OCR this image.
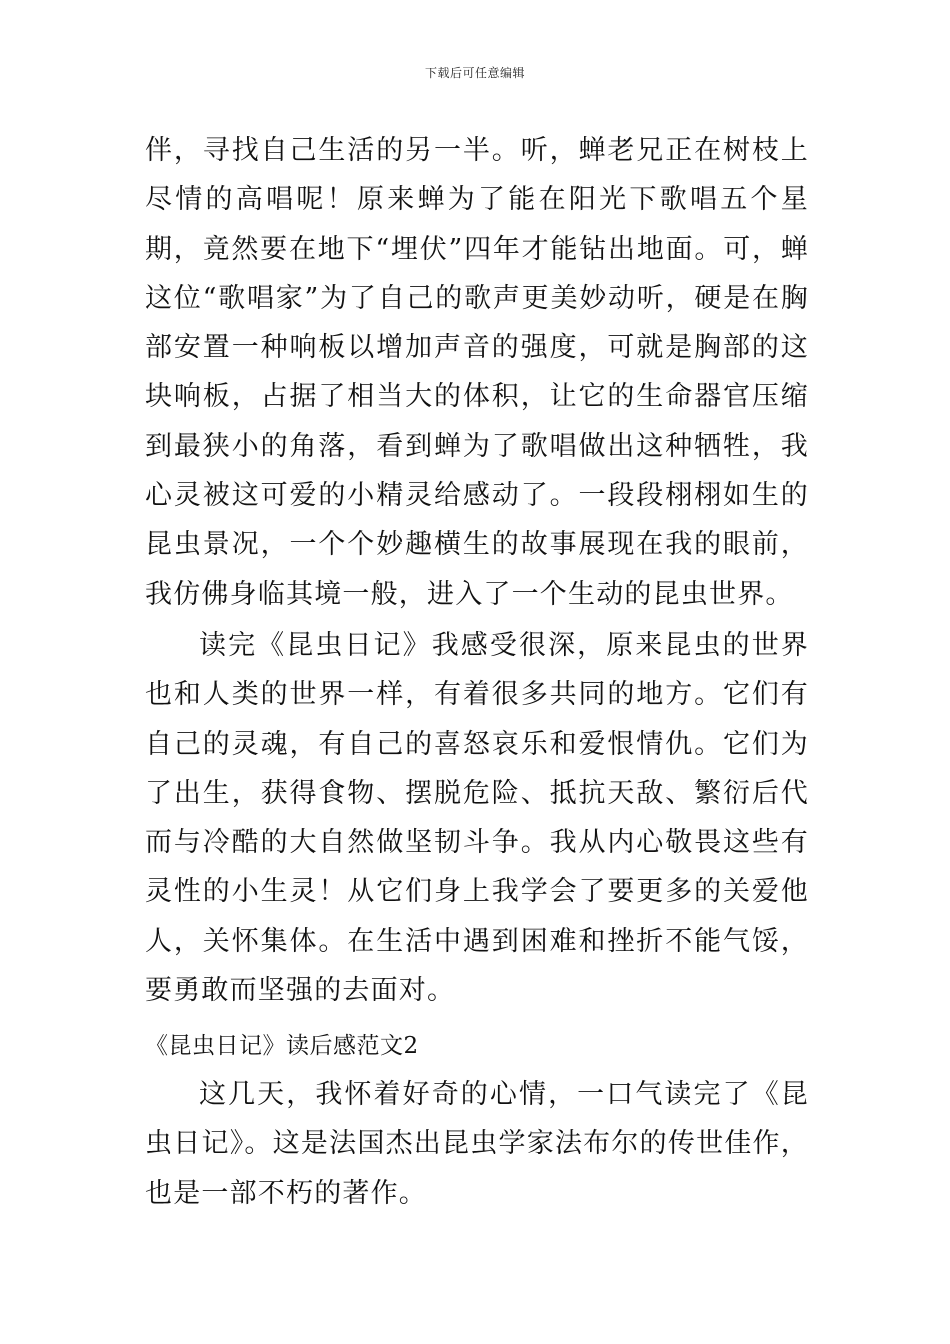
下载后可任意编辑

伴，寻找自己生活的另一半。听，蝉老兄正在树枝上尽情的高唱呢！原来蝉为了能在阳光下歌唱五个星期，竟然要在地下“埋伏”四年才能钻出地面。可，蝉这位“歌唱家”为了自己的歌声更美妙动听，硬是在胸部安置一种响板以增加声音的强度，可就是胸部的这块响板，占据了相当大的体积，让它的生命器官压缩到最狭小的角落，看到蝉为了歌唱做出这种牺牲，我心灵被这可爱的小精灵给感动了。一段段栩栩如生的昆虫景况，一个个妙趣横生的故事展现在我的眼前，我仿佛身临其境一般，进入了一个生动的昆虫世界。

读完《昆虫日记》我感受很深，原来昆虫的世界也和人类的世界一样，有着很多共同的地方。它们有自己的灵魂，有自己的喜怒哀乐和爱恨情仇。它们为了出生，获得食物、摆脱危险、抵抗天敌、繁衍后代而与冷酷的大自然做坚韧斗争。我从内心敬畏这些有灵性的小生灵！从它们身上我学会了要更多的关爱他人，关怀集体。在生活中遇到困难和挫折不能气馁，要勇敢而坚强的去面对。

《昆虫日记》读后感范文2

这几天，我怀着好奇的心情，一口气读完了《昆虫日记》。这是法国杰出昆虫学家法布尔的传世佳作，也是一部不朽的著作。
